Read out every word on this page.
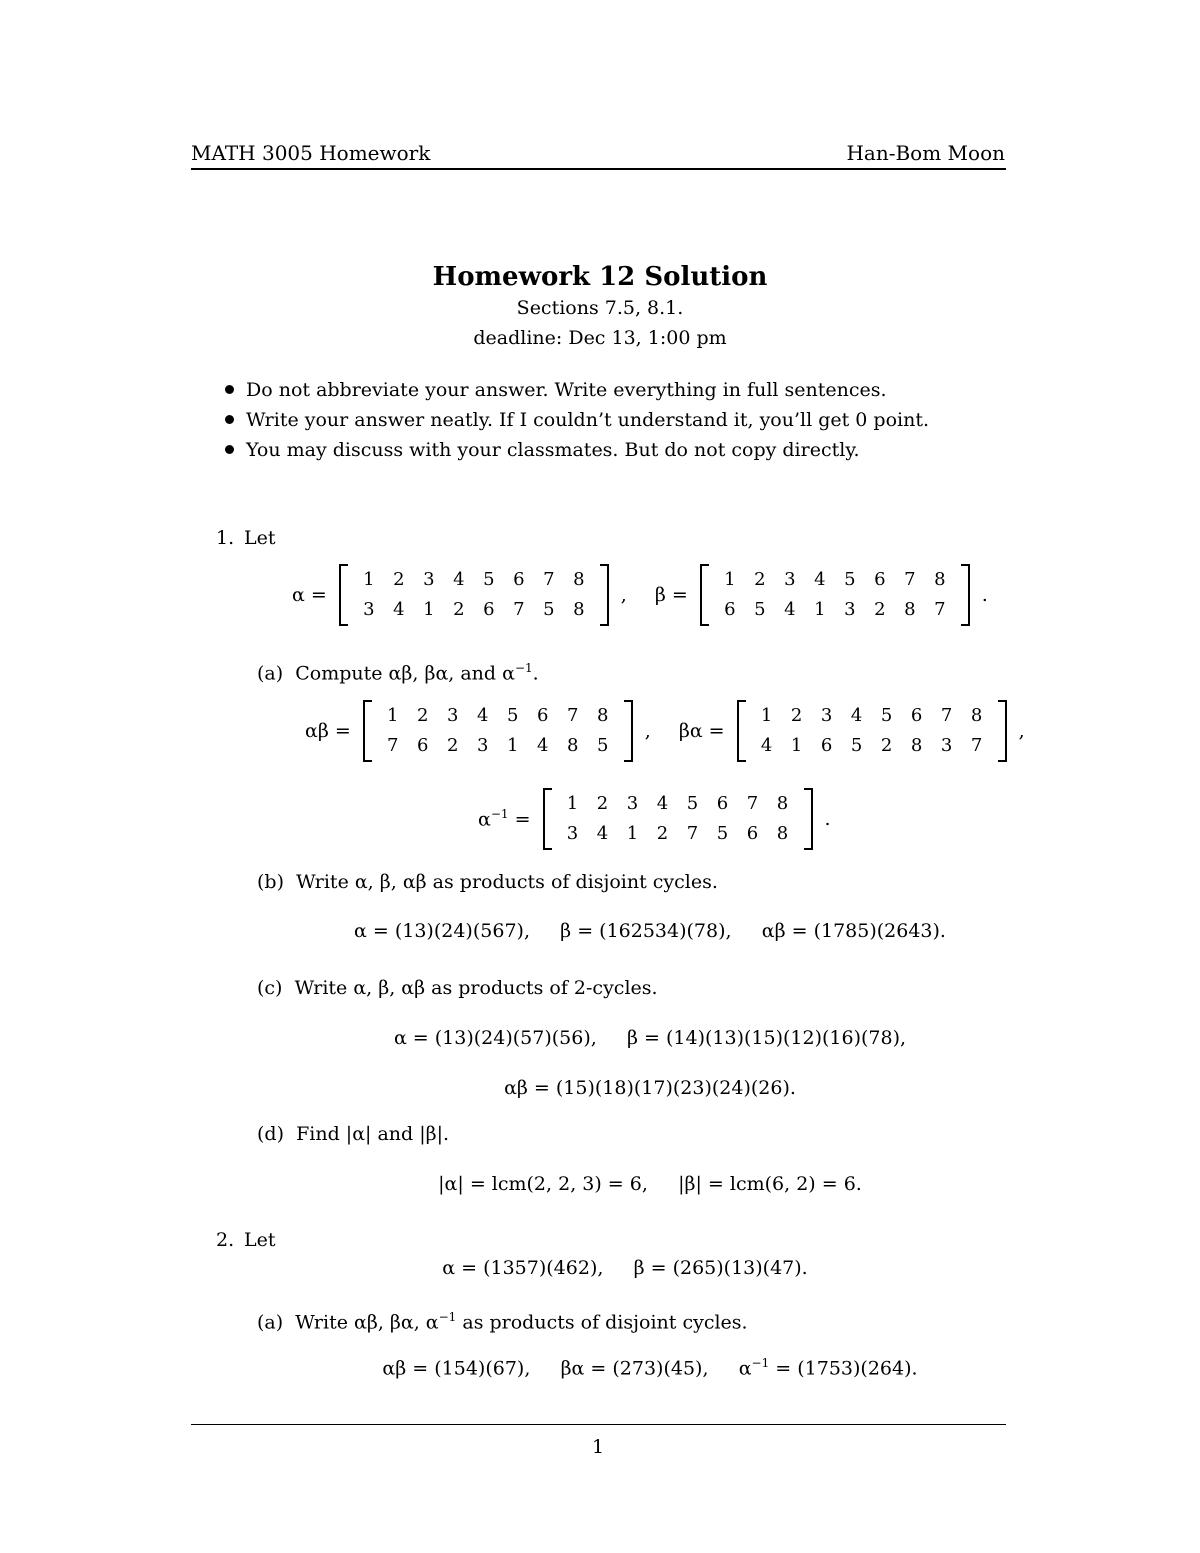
MATH 3005 Homework	Han-Bom Moon
Homework 12 Solution
Sections 7.5, 8.1.
deadline: Dec 13, 1:00 pm
Do not abbreviate your answer. Write everything in full sentences.
Write your answer neatly. If I couldn’t understand it, you’ll get 0 point.
You may discuss with your classmates. But do not copy directly.
1. Let
α =
1	2	3	4	5	6	7	8
3	4	1	2	6	7	5	8
, β =
1	2	3	4	5	6	7	8
6	5	4	1	3	2	8	7
.
(a) Compute αβ, βα, and $\alpha^{-1}$.
αβ =
1	2	3	4	5	6	7	8
7	6	2	3	1	4	8	5
, βα =
1	2	3	4	5	6	7	8
4	1	6	5	2	8	3	7
,
$\alpha^{-1}$ =
1	2	3	4	5	6	7	8
3	4	1	2	7	5	6	8
.
(b) Write α, β, αβ as products of disjoint cycles.
α = (13)(24)(567),     β = (162534)(78),     αβ = (1785)(2643).
(c) Write α, β, αβ as products of 2-cycles.
α = (13)(24)(57)(56),     β = (14)(13)(15)(12)(16)(78),
αβ = (15)(18)(17)(23)(24)(26).
(d) Find |α| and |β|.
|α| = lcm(2, 2, 3) = 6,     |β| = lcm(6, 2) = 6.
2. Let
α = (1357)(462),     β = (265)(13)(47).
(a) Write αβ, βα, $\alpha^{-1}$ as products of disjoint cycles.
αβ = (154)(67),     βα = (273)(45),     $\alpha^{-1} = (1753)(264)$.
1
